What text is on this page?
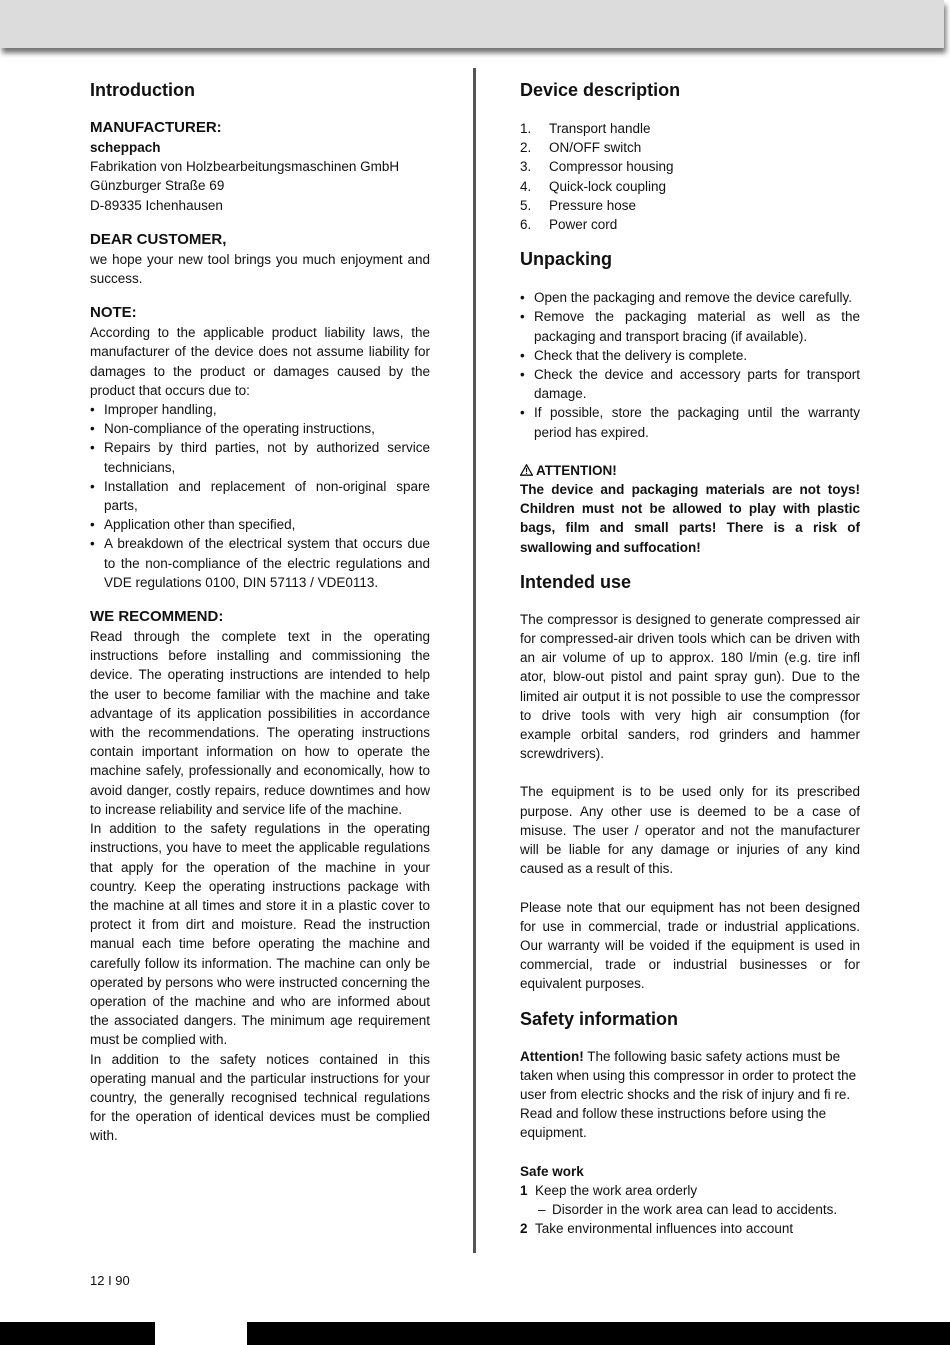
Introduction
MANUFACTURER:

scheppach

Fabrikation von Holzbearbeitungsmaschinen GmbH

Günzburger Straße 69

D-89335 Ichenhausen

DEAR CUSTOMER,

we hope your new tool brings you much enjoyment and success.

NOTE:

According to the applicable product liability laws, the manufacturer of the device does not assume liability for damages to the product or damages caused by the product that occurs due to:

• Improper handling,
• Non-compliance of the operating instructions,
• Repairs by third parties, not by authorized service technicians,
• Installation and replacement of non-original spare parts,
• Application other than specified,
• A breakdown of the electrical system that occurs due to the non-compliance of the electric regulations and VDE regulations 0100, DIN 57113 / VDE0113.
WE RECOMMEND:

Read through the complete text in the operating instructions before installing and commissioning the device. The operating instructions are intended to help the user to become familiar with the machine and take advantage of its application possibilities in accordance with the recommendations. The operating instructions contain important information on how to operate the machine safely, professionally and economically, how to avoid danger, costly repairs, reduce downtimes and how to increase reliability and service life of the machine.

In addition to the safety regulations in the operating instructions, you have to meet the applicable regulations that apply for the operation of the machine in your country. Keep the operating instructions package with the machine at all times and store it in a plastic cover to protect it from dirt and moisture. Read the instruction manual each time before operating the machine and carefully follow its information. The machine can only be operated by persons who were instructed concerning the operation of the machine and who are informed about the associated dangers. The minimum age requirement must be complied with.

In addition to the safety notices contained in this operating manual and the particular instructions for your country, the generally recognised technical regulations for the operation of identical devices must be complied with.

Device description
1. Transport handle
2. ON/OFF switch
3. Compressor housing
4. Quick-lock coupling
5. Pressure hose
6. Power cord
Unpacking
• Open the packaging and remove the device carefully.
• Remove the packaging material as well as the packaging and transport bracing (if available).
• Check that the delivery is complete.
• Check the device and accessory parts for transport damage.
• If possible, store the packaging until the warranty period has expired.

ATTENTION!

The device and packaging materials are not toys! Children must not be allowed to play with plastic bags, film and small parts! There is a risk of swallowing and suffocation!

Intended use

The compressor is designed to generate compressed air for compressed-air driven tools which can be driven with an air volume of up to approx. 180 l/min (e.g. tire infl ator, blow-out pistol and paint spray gun). Due to the limited air output it is not possible to use the compressor to drive tools with very high air consumption (for example orbital sanders, rod grinders and hammer screwdrivers).

The equipment is to be used only for its prescribed purpose. Any other use is deemed to be a case of misuse. The user / operator and not the manufacturer will be liable for any damage or injuries of any kind caused as a result of this.

Please note that our equipment has not been designed for use in commercial, trade or industrial applications. Our warranty will be voided if the equipment is used in commercial, trade or industrial businesses or for equivalent purposes.

Safety information

Attention! The following basic safety actions must be taken when using this compressor in order to protect the user from electric shocks and the risk of injury and fi re. Read and follow these instructions before using the equipment.

Safe work

1 Keep the work area orderly

– Disorder in the work area can lead to accidents.

2 Take environmental influences into account

12 I 90
